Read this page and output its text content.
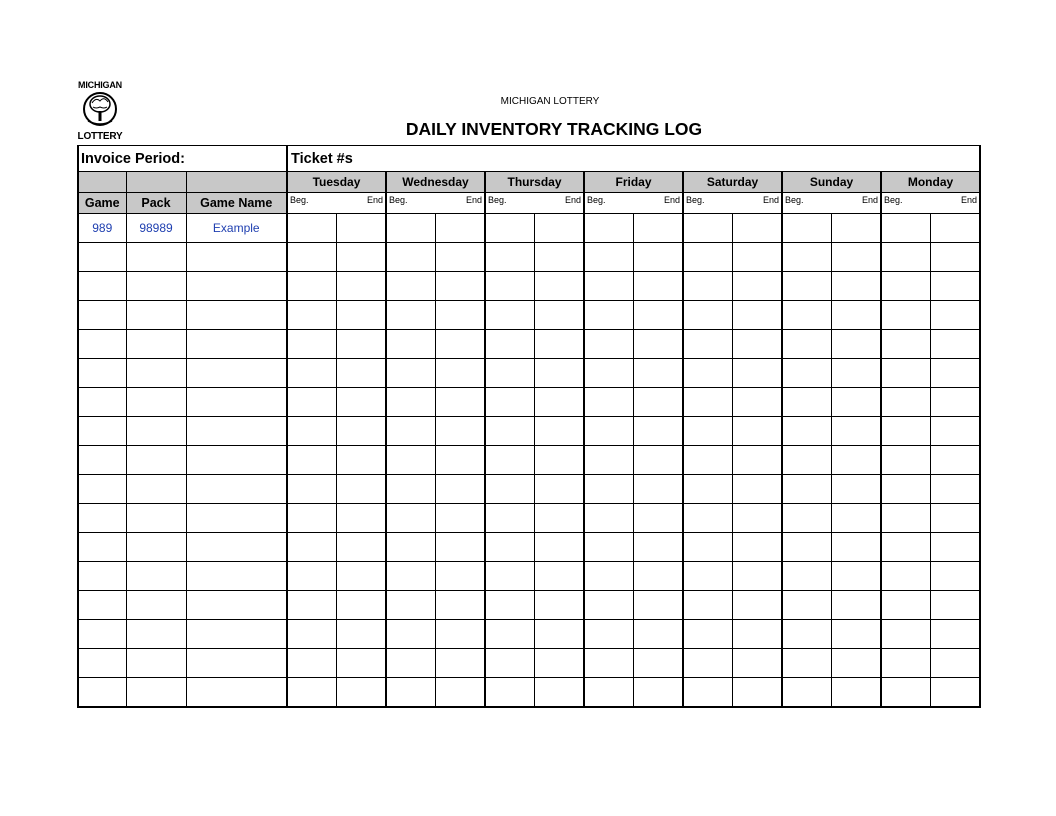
MICHIGAN
LOTTERY
MICHIGAN LOTTERY
DAILY INVENTORY TRACKING LOG
Invoice Period:			Ticket #s													
			Tuesday		Wednesday		Thursday		Friday		Saturday		Sunday		Monday	
Game	Pack	Game Name	Beg. End		Beg. End		Beg. End		Beg. End		Beg. End		Beg. End		Beg. End	

989	98989	Example														
